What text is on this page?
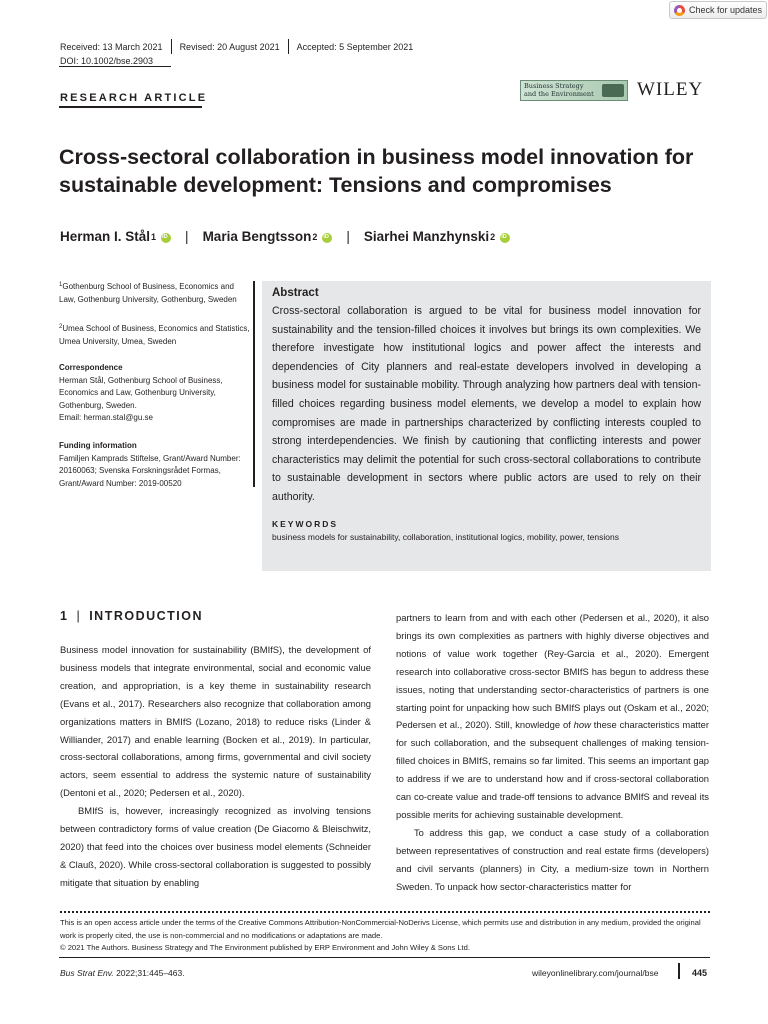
Check for updates
Received: 13 March 2021 Revised: 20 August 2021 Accepted: 5 September 2021
DOI: 10.1002/bse.2903
RESEARCH ARTICLE
Business Strategy and the Environment WILEY
Cross-sectoral collaboration in business model innovation for sustainable development: Tensions and compromises
Herman I. Stål 1 iD | Maria Bengtsson 2 iD | Siarhei Manzhynski 2
iD
$^1$Gothenburg School of Business, Economics and Law, Gothenburg University, Gothenburg, Sweden
$^2$Umea School of Business, Economics and Statistics, Umea University, Umea, Sweden
Correspondence
Herman Stål, Gothenburg School of Business, Economics and Law, Gothenburg University, Gothenburg, Sweden.
Email: herman.stal@gu.se
Funding information
Familjen Kamprads Stiftelse, Grant/Award Number: 20160063; Svenska Forskningsrådet Formas, Grant/Award Number: 2019-00520
Abstract
Cross-sectoral collaboration is argued to be vital for business model innovation for sustainability and the tension-filled choices it involves but brings its own complexities. We therefore investigate how institutional logics and power affect the interests and dependencies of City planners and real-estate developers involved in developing a business model for sustainable mobility. Through analyzing how partners deal with tension-filled choices regarding business model elements, we develop a model to explain how compromises are made in partnerships characterized by conflicting interests coupled to strong interdependencies. We finish by cautioning that conflicting interests and power characteristics may delimit the potential for such cross-sectoral collaborations to contribute to sustainable development in sectors where public actors are used to rely on their authority.
KEYWORDS
business models for sustainability, collaboration, institutional logics, mobility, power, tensions
1 | INTRODUCTION

Business model innovation for sustainability (BMIfS), the development of business models that integrate environmental, social and economic value creation, and appropriation, is a key theme in sustainability research (Evans et al., 2017). Researchers also recognize that collaboration among organizations matters in BMIfS (Lozano, 2018) to reduce risks (Linder & Williander, 2017) and enable learning (Bocken et al., 2019). In particular, cross-sectoral collaborations, among firms, governmental and civil society actors, seem essential to address the systemic nature of sustainability (Dentoni et al., 2020; Pedersen et al., 2020).

BMIfS is, however, increasingly recognized as involving tensions between contradictory forms of value creation (De Giacomo & Bleischwitz, 2020) that feed into the choices over business model elements (Schneider & Clauß, 2020). While cross-sectoral collaboration is suggested to possibly mitigate that situation by enabling

partners to learn from and with each other (Pedersen et al., 2020), it also brings its own complexities as partners with highly diverse objectives and notions of value work together (Rey-Garcia et al., 2020). Emergent research into collaborative cross-sector BMIfS has begun to address these issues, noting that understanding sector-characteristics of partners is one starting point for unpacking how such BMIfS plays out (Oskam et al., 2020; Pedersen et al., 2020). Still, knowledge of how these characteristics matter for such collaboration, and the subsequent challenges of making tension-filled choices in BMIfS, remains so far limited. This seems an important gap to address if we are to understand how and if cross-sectoral collaboration can co-create value and trade-off tensions to advance BMIfS and reveal its possible merits for achieving sustainable development.

To address this gap, we conduct a case study of a collaboration between representatives of construction and real estate firms (developers) and civil servants (planners) in City, a medium-size town in Northern Sweden. To unpack how sector-characteristics matter for

This is an open access article under the terms of the Creative Commons Attribution-NonCommercial-NoDerivs License, which permits use and distribution in any medium, provided the original work is properly cited, the use is non-commercial and no modifications or adaptations are made.
© 2021 The Authors. Business Strategy and The Environment published by ERP Environment and John Wiley & Sons Ltd.
Bus Strat Env. 2022;31:445–463.	wileyonlinelibrary.com/journal/bse	445
